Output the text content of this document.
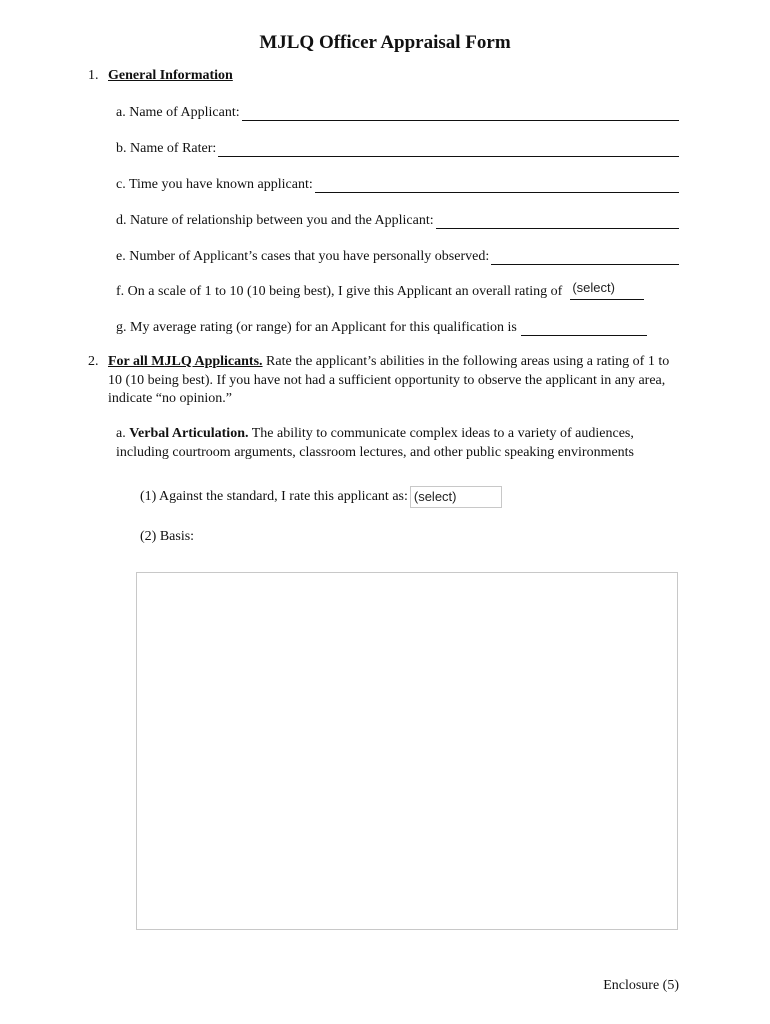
MJLQ Officer Appraisal Form
1. General Information
a. Name of Applicant:
b. Name of Rater:
c. Time you have known applicant:
d. Nature of relationship between you and the Applicant:
e. Number of Applicant’s cases that you have personally observed:
f. On a scale of 1 to 10 (10 being best), I give this Applicant an overall rating of (select)
g. My average rating (or range) for an Applicant for this qualification is
2. For all MJLQ Applicants. Rate the applicant’s abilities in the following areas using a rating of 1 to 10 (10 being best). If you have not had a sufficient opportunity to observe the applicant in any area, indicate “no opinion.”
a. Verbal Articulation. The ability to communicate complex ideas to a variety of audiences, including courtroom arguments, classroom lectures, and other public speaking environments
(1) Against the standard, I rate this applicant as: (select)
(2) Basis:
Enclosure (5)
